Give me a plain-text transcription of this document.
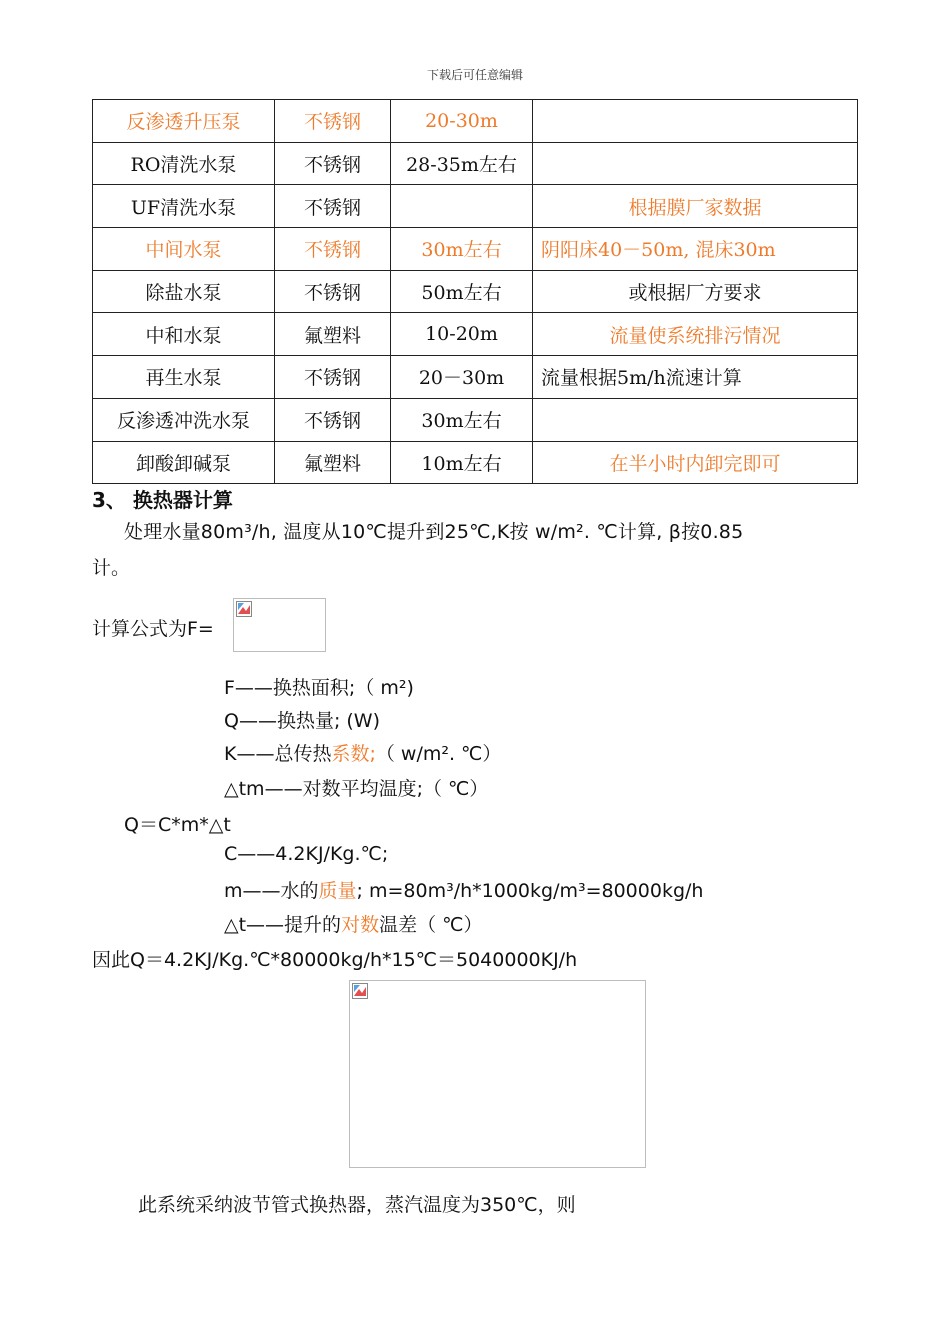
下载后可任意编辑
反渗透升压泵	不锈钢	20-30m	
RO清洗水泵	不锈钢	28-35m左右	
UF清洗水泵	不锈钢		根据膜厂家数据
中间水泵	不锈钢	30m左右	阴阳床40－50m, 混床30m
除盐水泵	不锈钢	50m左右	或根据厂方要求
中和水泵	氟塑料	10-20m	流量使系统排污情况
再生水泵	不锈钢	20－30m	流量根据5m/h流速计算
反渗透冲洗水泵	不锈钢	30m左右	
卸酸卸碱泵	氟塑料	10m左右	在半小时内卸完即可
3、 换热器计算
处理水量80m³/h, 温度从10℃提升到25℃,K按 w/m². ℃计算, β按0.85
计。
计算公式为F=
F——换热面积;（ m²)
Q——换热量; (W)
K——总传热系数;（ w/m². ℃）
△tm——对数平均温度;（ ℃）
Q＝C*m*△t
C——4.2KJ/Kg.℃;
m——水的质量; m=80m³/h*1000kg/m³=80000kg/h
△t——提升的对数温差（ ℃）
因此Q＝4.2KJ/Kg.℃*80000kg/h*15℃＝5040000KJ/h
此系统采纳波节管式换热器，蒸汽温度为350℃，则
